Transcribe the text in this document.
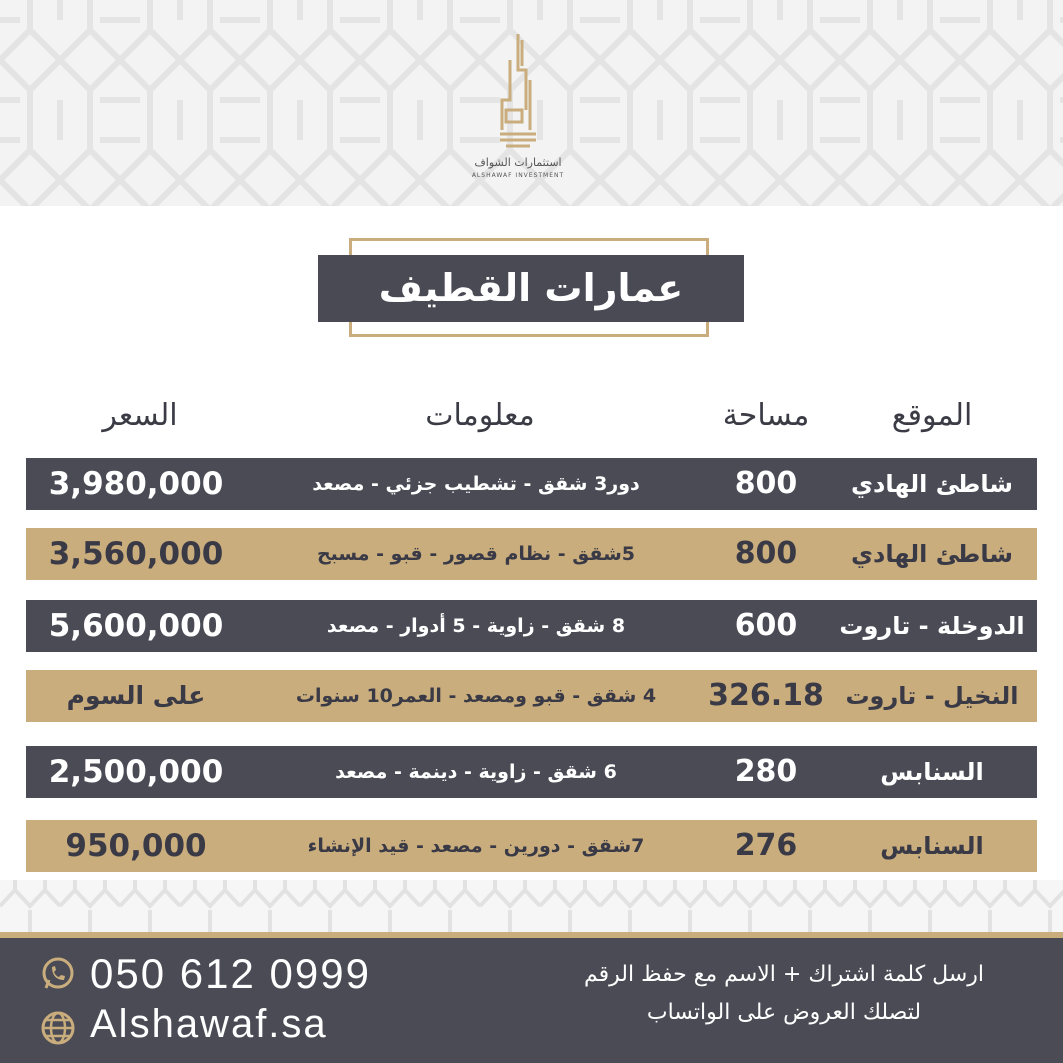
استثمارات الشواف
ALSHAWAF INVESTMENT
عمارات القطيف
الموقع
مساحة
معلومات
السعر
شاطئ الهادي
800
دور3 شقق - تشطيب جزئي - مصعد
3,980,000
شاطئ الهادي
800
5شقق - نظام قصور - قبو - مسبح
3,560,000
الدوخلة - تاروت
600
8 شقق - زاوية - 5 أدوار - مصعد
5,600,000
النخيل - تاروت
326.18
4 شقق - قبو ومصعد - العمر10 سنوات
على السوم
السنابس
280
6 شقق - زاوية - دينمة - مصعد
2,500,000
السنابس
276
7شقق - دورين - مصعد - قيد الإنشاء
950,000
050 612 0999
Alshawaf.sa
ارسل كلمة اشتراك + الاسم مع حفظ الرقم
لتصلك العروض على الواتساب
